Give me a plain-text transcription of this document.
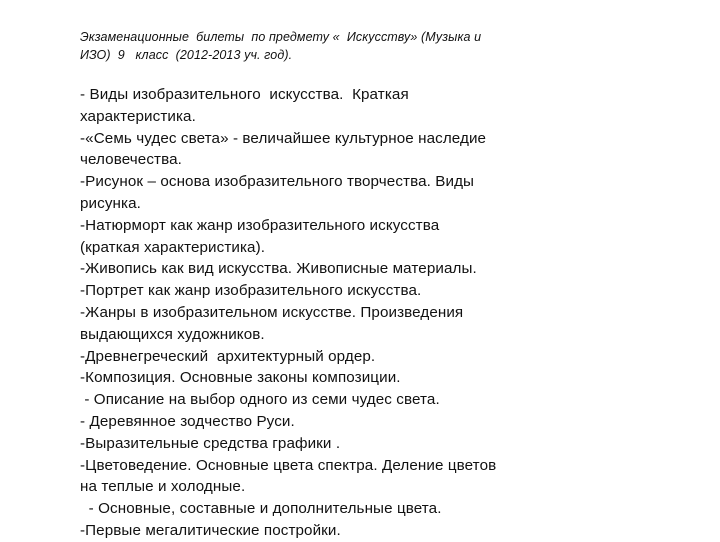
Экзаменационные  билеты  по предмету «  Искусству» (Музыка и
ИЗО)  9   класс  (2012-2013 уч. год).
- Виды изобразительного  искусства.  Краткая
характеристика.
-«Семь чудес света» - величайшее культурное наследие
человечества.
-Рисунок – основа изобразительного творчества. Виды
рисунка.
-Натюрморт как жанр изобразительного искусства
(краткая характеристика).
-Живопись как вид искусства. Живописные материалы.
-Портрет как жанр изобразительного искусства.
-Жанры в изобразительном искусстве. Произведения
выдающихся художников.
-Древнегреческий  архитектурный ордер.
-Композиция. Основные законы композиции.
- Описание на выбор одного из семи чудес света.
- Деревянное зодчество Руси.
-Выразительные средства графики .
-Цветоведение. Основные цвета спектра. Деление цветов
на теплые и холодные.
- Основные, составные и дополнительные цвета.
-Первые мегалитические постройки.
